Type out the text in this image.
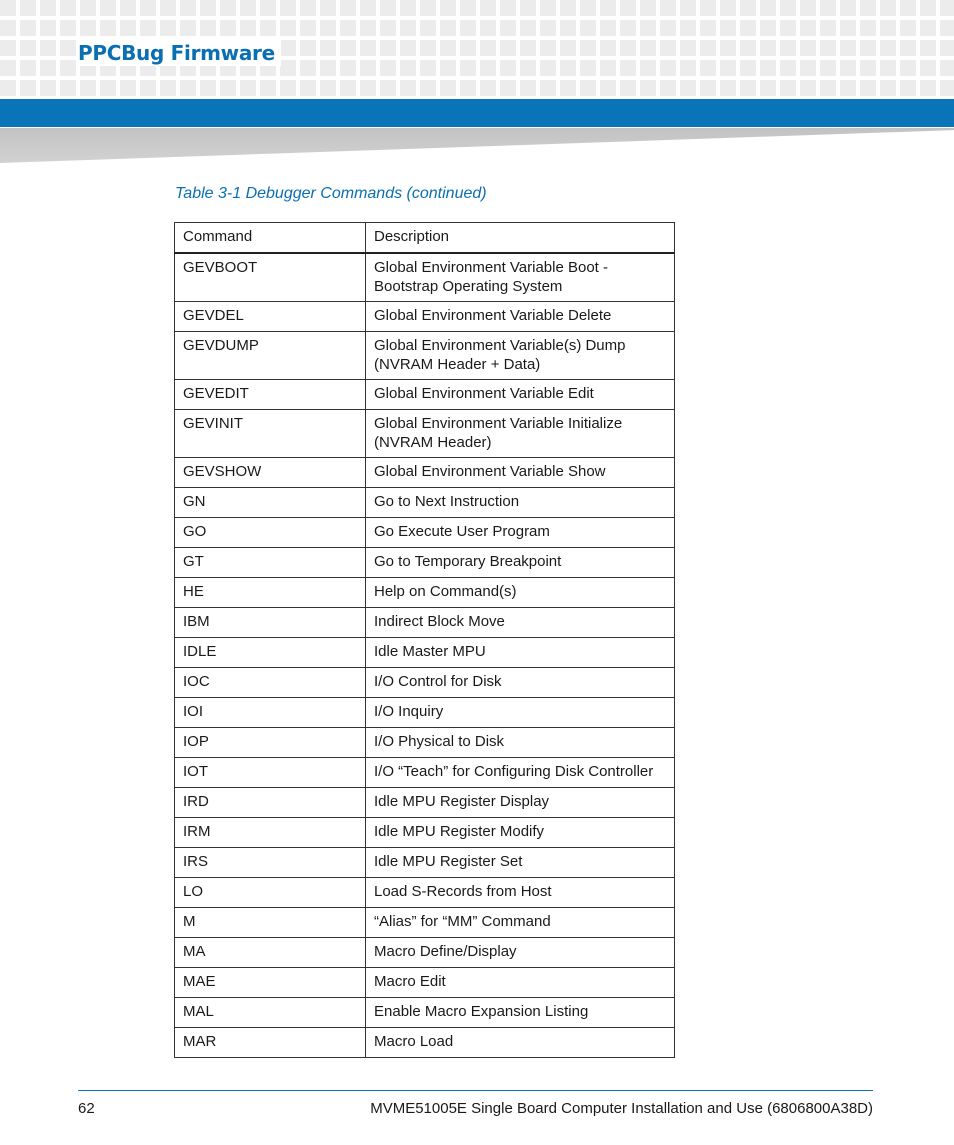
PPCBug Firmware
Table 3-1 Debugger Commands (continued)
Command	Description
GEVBOOT	Global Environment Variable Boot - Bootstrap Operating System
GEVDEL	Global Environment Variable Delete
GEVDUMP	Global Environment Variable(s) Dump (NVRAM Header + Data)
GEVEDIT	Global Environment Variable Edit
GEVINIT	Global Environment Variable Initialize (NVRAM Header)
GEVSHOW	Global Environment Variable Show
GN	Go to Next Instruction
GO	Go Execute User Program
GT	Go to Temporary Breakpoint
HE	Help on Command(s)
IBM	Indirect Block Move
IDLE	Idle Master MPU
IOC	I/O Control for Disk
IOI	I/O Inquiry
IOP	I/O Physical to Disk
IOT	I/O “Teach” for Configuring Disk Controller
IRD	Idle MPU Register Display
IRM	Idle MPU Register Modify
IRS	Idle MPU Register Set
LO	Load S-Records from Host
M	“Alias” for “MM” Command
MA	Macro Define/Display
MAE	Macro Edit
MAL	Enable Macro Expansion Listing
MAR	Macro Load
62	MVME51005E Single Board Computer Installation and Use (6806800A38D)
